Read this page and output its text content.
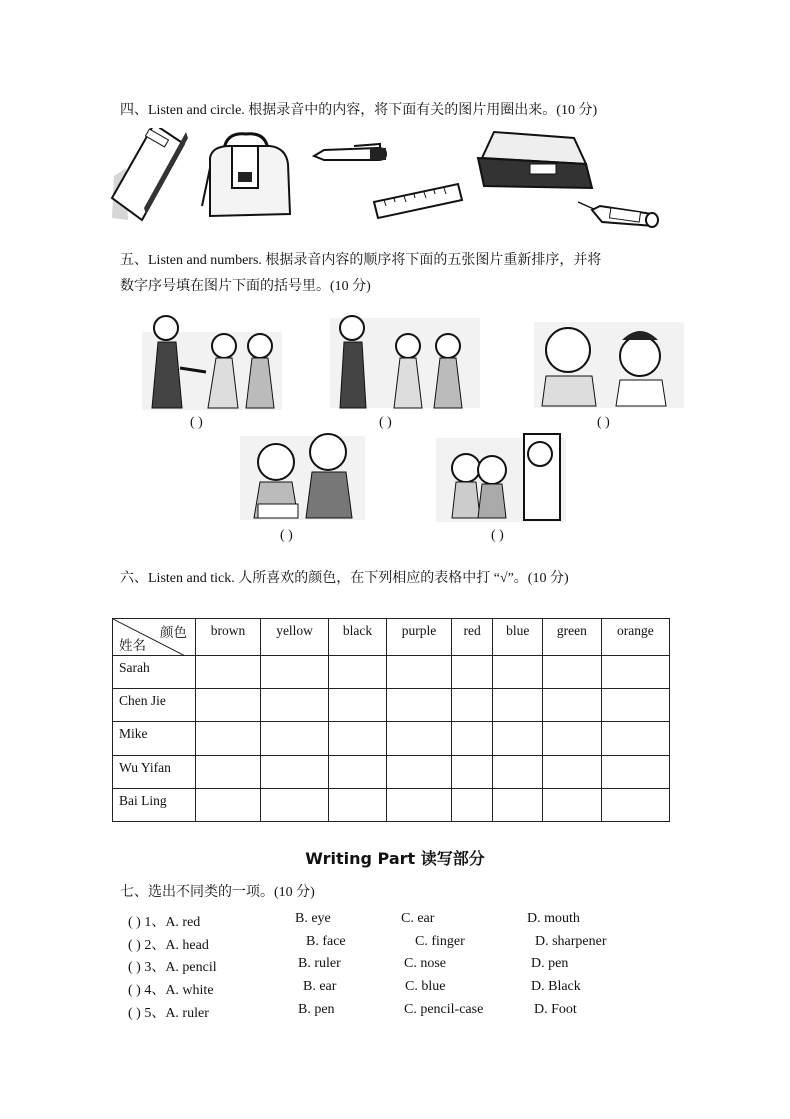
四、Listen and circle. 根据录音中的内容，将下面有关的图片用圈出来。(10 分)
五、Listen and numbers. 根据录音内容的顺序将下面的五张图片重新排序，并将
数字序号填在图片下面的括号里。(10 分)
( )	( )	( )
( )	( )
六、Listen and tick. 人所喜欢的颜色，在下列相应的表格中打 “√”。(10 分)
颜色
姓名	brown	yellow	black	purple	red	blue	green	orange
Sarah								
Chen Jie								
Mike								
Wu Yifan								
Bai Ling								
Writing Part 读写部分
七、选出不同类的一项。(10 分)
( ) 1、A. red	B. eye	C. ear	D. mouth
( ) 2、A. head	B. face	C. finger	D. sharpener
( ) 3、A. pencil	B. ruler	C. nose	D. pen
( ) 4、A. white	B. ear	C. blue	D. Black
( ) 5、A. ruler	B. pen	C. pencil-case	D. Foot
